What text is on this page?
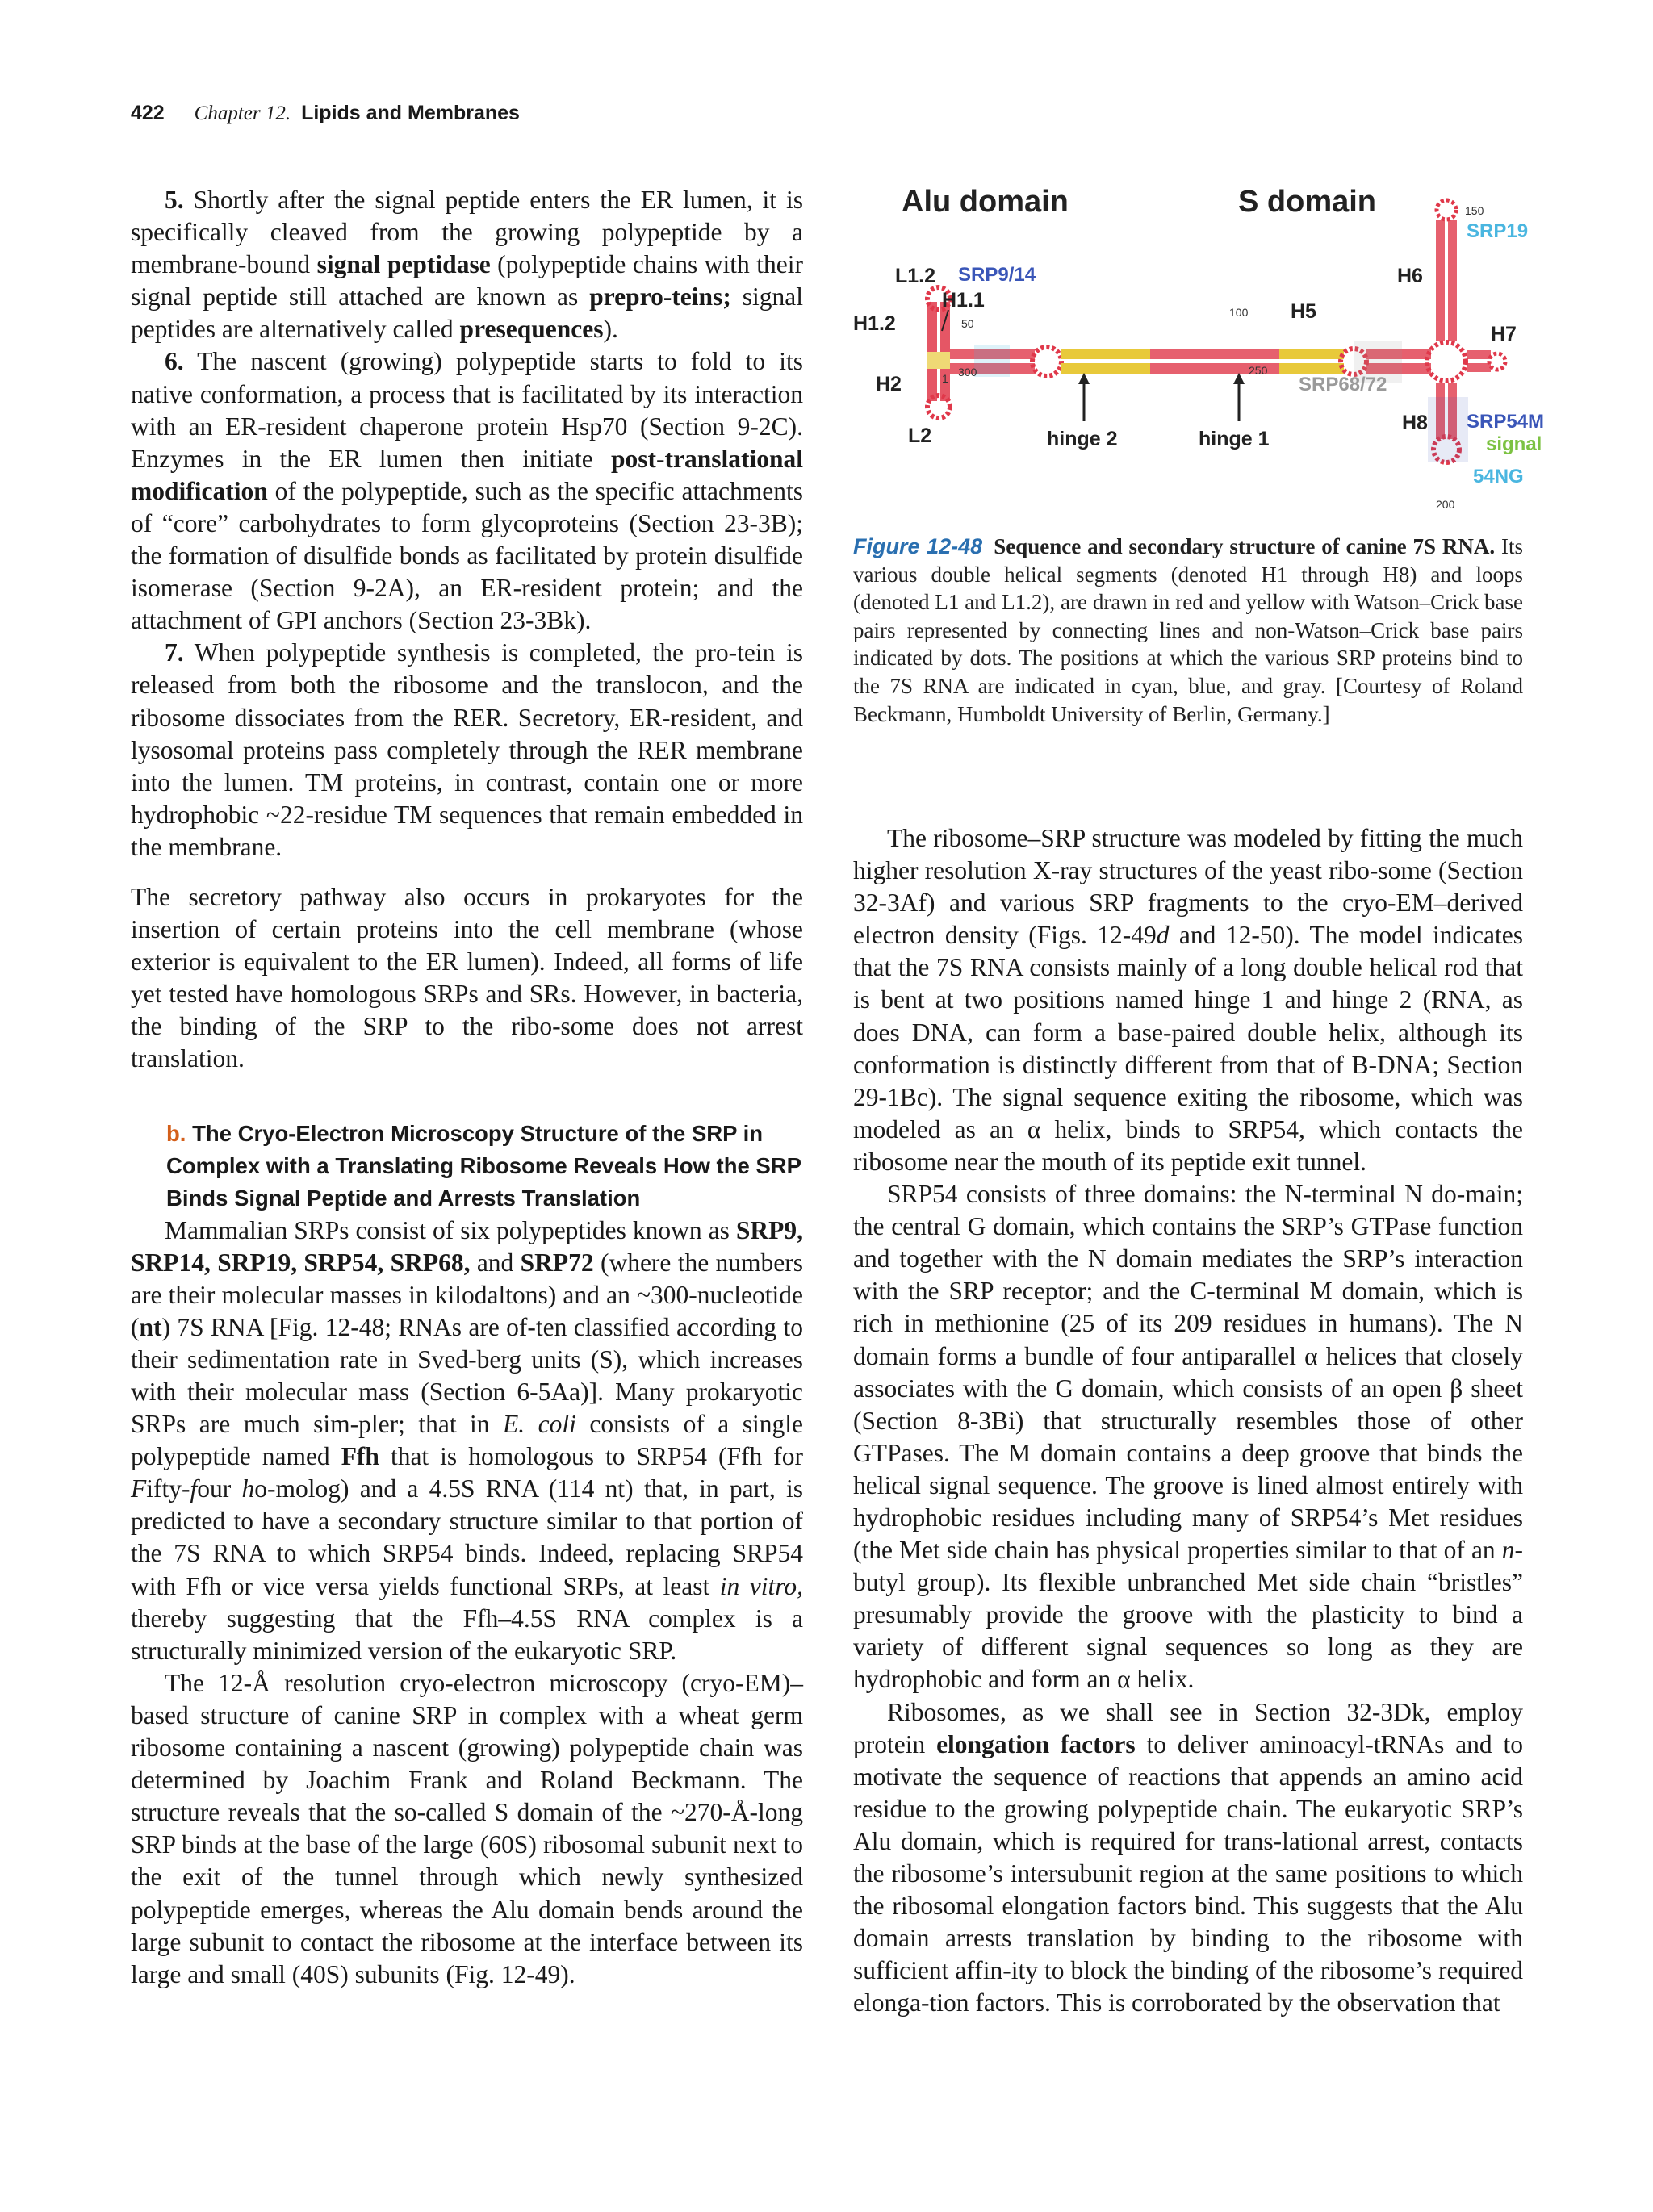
422 Chapter 12. Lipids and Membranes

5. Shortly after the signal peptide enters the ER lumen, it is specifically cleaved from the growing polypeptide by a membrane-bound signal peptidase (polypeptide chains with their signal peptide still attached are known as prepro-teins; signal peptides are alternatively called presequences).

6. The nascent (growing) polypeptide starts to fold to its native conformation, a process that is facilitated by its interaction with an ER-resident chaperone protein Hsp70 (Section 9-2C). Enzymes in the ER lumen then initiate post-translational modification of the polypeptide, such as the specific attachments of “core” carbohydrates to form glycoproteins (Section 23-3B); the formation of disulfide bonds as facilitated by protein disulfide isomerase (Section 9-2A), an ER-resident protein; and the attachment of GPI anchors (Section 23-3Bk).

7. When polypeptide synthesis is completed, the pro-tein is released from both the ribosome and the translocon, and the ribosome dissociates from the RER. Secretory, ER-resident, and lysosomal proteins pass completely through the RER membrane into the lumen. TM proteins, in contrast, contain one or more hydrophobic ~22-residue TM sequences that remain embedded in the membrane.

The secretory pathway also occurs in prokaryotes for the insertion of certain proteins into the cell membrane (whose exterior is equivalent to the ER lumen). Indeed, all forms of life yet tested have homologous SRPs and SRs. However, in bacteria, the binding of the SRP to the ribo-some does not arrest translation.

b. The Cryo-Electron Microscopy Structure of the SRP in Complex with a Translating Ribosome Reveals How the SRP Binds Signal Peptide and Arrests Translation

Mammalian SRPs consist of six polypeptides known as SRP9, SRP14, SRP19, SRP54, SRP68, and SRP72 (where the numbers are their molecular masses in kilodaltons) and an ~300-nucleotide (nt) 7S RNA [Fig. 12-48; RNAs are of-ten classified according to their sedimentation rate in Sved-berg units (S), which increases with their molecular mass (Section 6-5Aa)]. Many prokaryotic SRPs are much sim-pler; that in E. coli consists of a single polypeptide named Ffh that is homologous to SRP54 (Ffh for Fifty-four ho-molog) and a 4.5S RNA (114 nt) that, in part, is predicted to have a secondary structure similar to that portion of the 7S RNA to which SRP54 binds. Indeed, replacing SRP54 with Ffh or vice versa yields functional SRPs, at least in vitro, thereby suggesting that the Ffh–4.5S RNA complex is a structurally minimized version of the eukaryotic SRP.

The 12-Å resolution cryo-electron microscopy (cryo-EM)–based structure of canine SRP in complex with a wheat germ ribosome containing a nascent (growing) polypeptide chain was determined by Joachim Frank and Roland Beckmann. The structure reveals that the so-called S domain of the ~270-Å-long SRP binds at the base of the large (60S) ribosomal subunit next to the exit of the tunnel through which newly synthesized polypeptide emerges, whereas the Alu domain bends around the large subunit to contact the ribosome at the interface between its large and small (40S) subunits (Fig. 12-49).

Alu domain	S domain
L1.2 SRP9/14
H1.1
50
H1.2
1 300
H2
L2
100 H5
250
SRP68/72
150
SRP19
H6
H7
H8 SRP54M
signal
54NG
200
hinge 2	hinge 1
Figure 12-48 Sequence and secondary structure of canine 7S RNA. Its various double helical segments (denoted H1 through H8) and loops (denoted L1 and L1.2), are drawn in red and yellow with Watson–Crick base pairs represented by connecting lines and non-Watson–Crick base pairs indicated by dots. The positions at which the various SRP proteins bind to the 7S RNA are indicated in cyan, blue, and gray. [Courtesy of Roland Beckmann, Humboldt University of Berlin, Germany.]

The ribosome–SRP structure was modeled by fitting the much higher resolution X-ray structures of the yeast ribo-some (Section 32-3Af) and various SRP fragments to the cryo-EM–derived electron density (Figs. 12-49d and 12-50). The model indicates that the 7S RNA consists mainly of a long double helical rod that is bent at two positions named hinge 1 and hinge 2 (RNA, as does DNA, can form a base-paired double helix, although its conformation is distinctly different from that of B-DNA; Section 29-1Bc). The signal sequence exiting the ribosome, which was modeled as an α helix, binds to SRP54, which contacts the ribosome near the mouth of its peptide exit tunnel.

SRP54 consists of three domains: the N-terminal N do-main; the central G domain, which contains the SRP’s GTPase function and together with the N domain mediates the SRP’s interaction with the SRP receptor; and the C-terminal M domain, which is rich in methionine (25 of its 209 residues in humans). The N domain forms a bundle of four antiparallel α helices that closely associates with the G domain, which consists of an open β sheet (Section 8-3Bi) that structurally resembles those of other GTPases. The M domain contains a deep groove that binds the helical signal sequence. The groove is lined almost entirely with hydrophobic residues including many of SRP54’s Met residues (the Met side chain has physical properties similar to that of an n-butyl group). Its flexible unbranched Met side chain “bristles” presumably provide the groove with the plasticity to bind a variety of different signal sequences so long as they are hydrophobic and form an α helix.

Ribosomes, as we shall see in Section 32-3Dk, employ protein elongation factors to deliver aminoacyl-tRNAs and to motivate the sequence of reactions that appends an amino acid residue to the growing polypeptide chain. The eukaryotic SRP’s Alu domain, which is required for trans-lational arrest, contacts the ribosome’s intersubunit region at the same positions to which the ribosomal elongation factors bind. This suggests that the Alu domain arrests translation by binding to the ribosome with sufficient affin-ity to block the binding of the ribosome’s required elonga-tion factors. This is corroborated by the observation that
